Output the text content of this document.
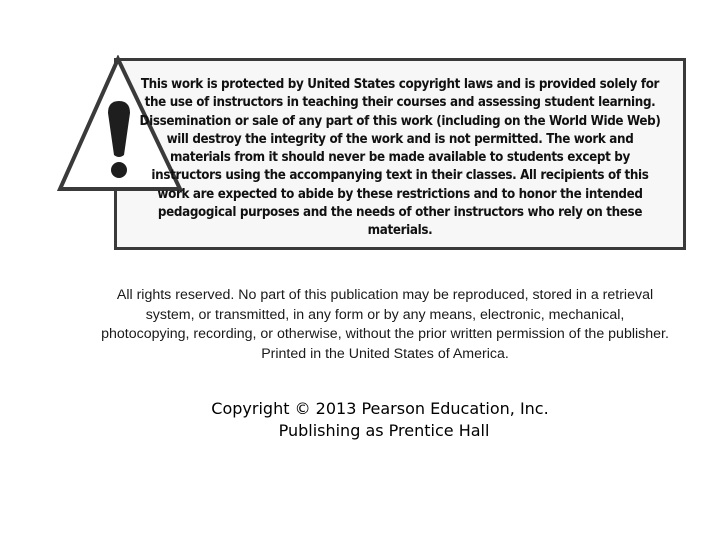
This work is protected by United States copyright laws and is provided solely for the use of instructors in teaching their courses and assessing student learning. Dissemination or sale of any part of this work (including on the World Wide Web) will destroy the integrity of the work and is not permitted. The work and materials from it should never be made available to students except by instructors using the accompanying text in their classes. All recipients of this work are expected to abide by these restrictions and to honor the intended pedagogical purposes and the needs of other instructors who rely on these materials.

All rights reserved. No part of this publication may be reproduced, stored in a retrieval system, or transmitted, in any form or by any means, electronic, mechanical, photocopying, recording, or otherwise, without the prior written permission of the publisher. Printed in the United States of America.

Copyright © 2013 Pearson Education, Inc.
Publishing as Prentice Hall
